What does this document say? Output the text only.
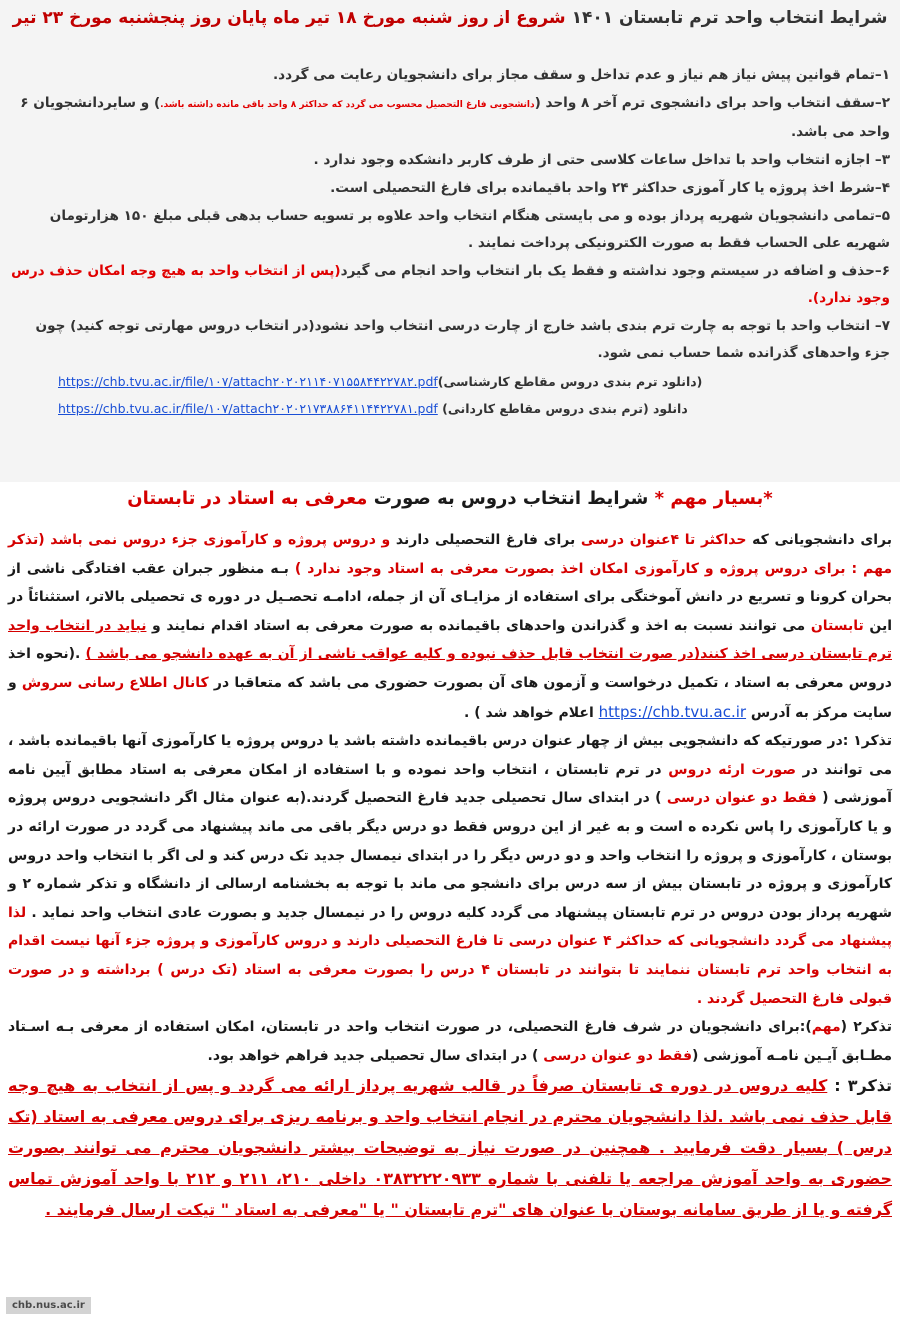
شرایط انتخاب واحد ترم تابستان ۱۴۰۱ شروع از روز شنبه مورخ ۱۸ تیر ماه پایان روز پنجشنبه مورخ ۲۳ تیر

۱–تمام قوانین پیش نیاز هم نیاز و عدم تداخل و سقف مجاز برای دانشجویان رعایت می گردد.

۲–سقف انتخاب واحد برای دانشجوی ترم آخر ۸ واحد (دانشجویی فارغ التحصیل محسوب می گردد که حداکثر ۸ واحد باقی مانده داشته باشد.) و سایردانشجویان ۶ واحد می باشد.

۳– اجازه انتخاب واحد با تداخل ساعات کلاسی حتی از طرف کاربر دانشکده وجود ندارد .

۴–شرط اخذ پروژه یا کار آموزی حداکثر ۲۴ واحد باقیمانده برای فارغ التحصیلی است.

۵–تمامی دانشجویان شهریه پرداز بوده و می بایستی هنگام انتخاب واحد علاوه بر تسویه حساب بدهی قبلی مبلغ ۱۵۰ هزارتومان شهریه علی الحساب فقط به صورت الکترونیکی پرداخت نمایند .

۶–حذف و اضافه در سیستم وجود نداشته و فقط یک بار انتخاب واحد انجام می گیرد(پس از انتخاب واحد به هیچ وجه امکان حذف درس وجود ندارد).

۷– انتخاب واحد با توجه به چارت ترم بندی باشد خارج از چارت درسی انتخاب واحد نشود(در انتخاب دروس مهارتی توجه کنید) چون جزء واحدهای گذرانده شما حساب نمی شود.

https://chb.tvu.ac.ir/file/۱۰۷/attach۲۰۲۰۲۱۱۴۰۷۱۵۵۸۴۴۲۲۷۸۲.pdf(دانلود ترم بندی دروس مقاطع کارشناسی)
https://chb.tvu.ac.ir/file/۱۰۷/attach۲۰۲۰۲۱۷۳۸۸۶۴۱۱۴۴۲۲۷۸۱.pdf دانلود (ترم بندی دروس مقاطع کاردانی)
*بسیار مهم * شرایط انتخاب دروس به صورت معرفی به استاد در تابستان

برای دانشجویانی که حداکثر تا ۴عنوان درسی برای فارغ التحصیلی دارند و دروس پروژه و کارآموزی جزء دروس نمی باشد (تذکر مهم : برای دروس پروژه و کارآموزی امکان اخذ بصورت معرفی به استاد وجود ندارد ) بـه منظور جبران عقب افتادگی ناشی از بحران کرونا و تسریع در دانش آموختگی برای استفاده از مزایـای آن از جمله، ادامـه تحصـیل در دوره ی تحصیلی بالاتر، استثنائاً در این تابستان می توانند نسبت به اخذ و گذراندن واحدهای باقیمانده به صورت معرفی به استاد اقدام نمایند و نباید در انتخاب واحد ترم تابستان درسی اخذ کنند(در صورت انتخاب قابل حذف نبوده و کلیه عواقب ناشی از آن به عهده دانشجو می باشد ) .(نحوه اخذ دروس معرفی به استاد ، تکمیل درخواست و آزمون های آن بصورت حضوری می باشد که متعاقبا در کانال اطلاع رسانی سروش و سایت مرکز به آدرس https://chb.tvu.ac.ir اعلام خواهد شد ) .

تذکر۱ :در صورتیکه که دانشجویی بیش از چهار عنوان درس باقیمانده داشته باشد یا دروس پروژه یا کارآموزی آنها باقیمانده باشد ، می توانند در صورت ارئه دروس در ترم تابستان ، انتخاب واحد نموده و با استفاده از امکان معرفی به استاد مطابق آیین نامه آموزشی ( فقط دو عنوان درسی ) در ابتدای سال تحصیلی جدید فارغ التحصیل گردند.(به عنوان مثال اگر دانشجویی دروس پروژه و یا کارآموزی را پاس نکرده ه است و به غیر از این دروس فقط دو درس دیگر باقی می ماند پیشنهاد می گردد در صورت ارائه در بوستان ، کارآموزی و پروژه را انتخاب واحد و دو درس دیگر را در ابتدای نیمسال جدید تک درس کند و لی اگر با انتخاب واحد دروس کارآموزی و پروژه در تابستان بیش از سه درس برای دانشجو می ماند با توجه به بخشنامه ارسالی از دانشگاه و تذکر شماره ۲ و شهریه پرداز بودن دروس در ترم تابستان پیشنهاد می گردد کلیه دروس را در نیمسال جدید و بصورت عادی انتخاب واحد نماید . لذا پیشنهاد می گردد دانشجویانی که حداکثر ۴ عنوان درسی تا فارغ التحصیلی دارند و دروس کارآموزی و پروژه جزء آنها نیست اقدام به انتخاب واحد ترم تابستان ننمایند تا بتوانند در تابستان ۴ درس را بصورت معرفی به استاد (تک درس ) برداشته و در صورت قبولی فارغ التحصیل گردند .

تذکر۲ (مهم):برای دانشجویان در شرف فارغ التحصیلی، در صورت انتخاب واحد در تابستان، امکان استفاده از معرفی بـه اسـتاد مطـابق آیـین نامـه آموزشی (فقط دو عنوان درسی ) در ابتدای سال تحصیلی جدید فراهم خواهد بود.

تذکر۳ : کلیه دروس در دوره ی تابستان صرفاً در قالب شهریه پرداز ارائه می گردد و پس از انتخاب به هیچ وجه قابل حذف نمی باشد .لذا دانشجویان محترم در انجام انتخاب واحد و برنامه ریزی برای دروس معرفی به استاد (تک درس ) بسیار دقت فرمایید . همچنین در صورت نیاز به توضیحات بیشتر دانشجویان محترم می توانند بصورت حضوری به واحد آموزش مراجعه یا تلفنی با شماره ۰۳۸۳۲۲۲۰۹۳۳ داخلی ۲۱۰، ۲۱۱ و ۲۱۲ با واحد آموزش تماس گرفته و یا از طریق سامانه بوستان با عنوان های "ترم تابستان " یا "معرفی به استاد " تیکت ارسال فرمایند .

chb.nus.ac.ir
